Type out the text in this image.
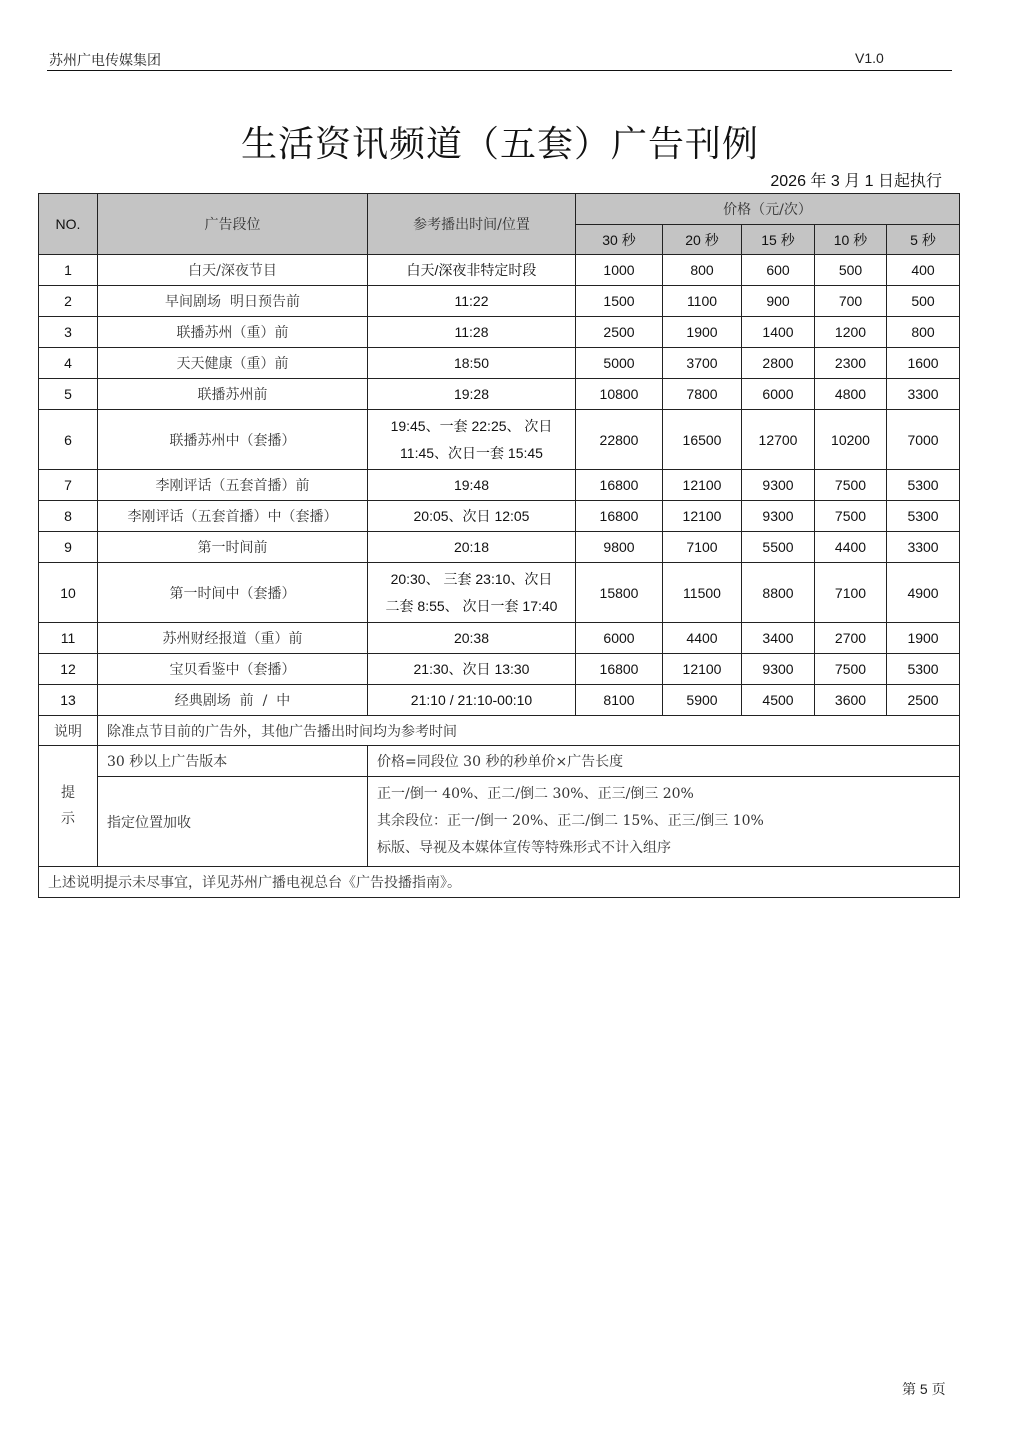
苏州广电传媒集团	V1.0
生活资讯频道（五套）广告刊例
2026 年 3 月 1 日起执行
NO.	广告段位	参考播出时间/位置	价格（元/次）				
			30 秒	20 秒	15 秒	10 秒	5 秒
1	白天/深夜节目	白天/深夜非特定时段	1000	800	600	500	400
2	早间剧场  明日预告前	11:22	1500	1100	900	700	500
3	联播苏州（重）前	11:28	2500	1900	1400	1200	800
4	天天健康（重）前	18:50	5000	3700	2800	2300	1600
5	联播苏州前	19:28	10800	7800	6000	4800	3300
6	联播苏州中（套播）	19:45、一套 22:25、 次日
11:45、次日一套 15:45	22800	16500	12700	10200	7000
7	李刚评话（五套首播）前	19:48	16800	12100	9300	7500	5300
8	李刚评话（五套首播）中（套播）	20:05、次日 12:05	16800	12100	9300	7500	5300
9	第一时间前	20:18	9800	7100	5500	4400	3300
10	第一时间中（套播）	20:30、 三套 23:10、次日
二套 8:55、 次日一套 17:40	15800	11500	8800	7100	4900
11	苏州财经报道（重）前	20:38	6000	4400	3400	2700	1900
12	宝贝看鉴中（套播）	21:30、次日 13:30	16800	12100	9300	7500	5300
13	经典剧场  前  /  中	21:10 / 21:10-00:10	8100	5900	4500	3600	2500
说明	除准点节目前的广告外，其他广告播出时间均为参考时间						

提
示	30 秒以上广告版本	价格=同段位 30 秒的秒单价×广告长度					
	指定位置加收	正一/倒一 40%、正二/倒二 30%、正三/倒三 20%
其余段位：正一/倒一 20%、正二/倒二 15%、正三/倒三 10%
标版、导视及本媒体宣传等特殊形式不计入组序					

上述说明提示未尽事宜，详见苏州广播电视总台《广告投播指南》。							
第 5 页
